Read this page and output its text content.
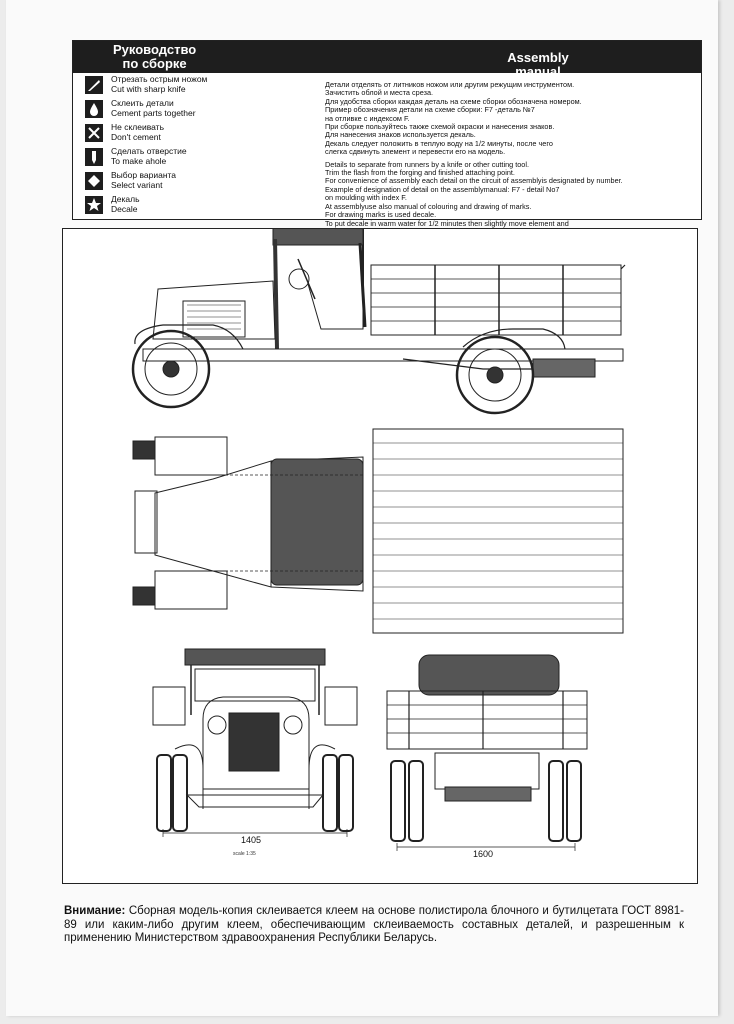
Руководство
по сборке	Assembly
manual
Отрезать острым ножом
Cut with sharp knife
Склеить детали
Cement parts together
Не склеивать
Don't cement
Сделать отверстие
To make ahole
Выбор варианта
Select variant
Декаль
Decale
Детали отделять от литников ножом или другим режущим инструментом.
Зачистить облой и места среза.
Для удобства сборки каждая деталь на схеме сборки обозначена номером.
Пример обозначения детали на схеме сборки: F7 -деталь №7
на отливке с индексом F.
При сборке пользуйтесь также схемой окраски и нанесения знаков.
Для нанесения знаков используется декаль.
Декаль следует положить в теплую воду на 1/2 минуты, после чего
слегка сдвинуть элемент и перевести его на модель.
Details to separate from runners by a knife or other cutting tool.
Trim the flash from the forging and finished attaching point.
For convenience of assembly each detail on the circuit of assemblyis designated by number.
Example of designation of detail on the assemblymanual: F7 - detail No7
on moulding with index F.
At assemblyuse also manual of colouring and drawing of marks.
For drawing marks is used decale.
To put decale in warm water for 1/2 minutes then slightly move element and
1405
scale 1:35	1600
Внимание: Сборная модель-копия склеивается клеем на основе полистирола блочного и бутилцетата ГОСТ 8981-89 или каким-либо другим клеем, обеспечивающим склеиваемость составных деталей, и разрешенным к применению Министерством здравоохранения Республики Беларусь.
